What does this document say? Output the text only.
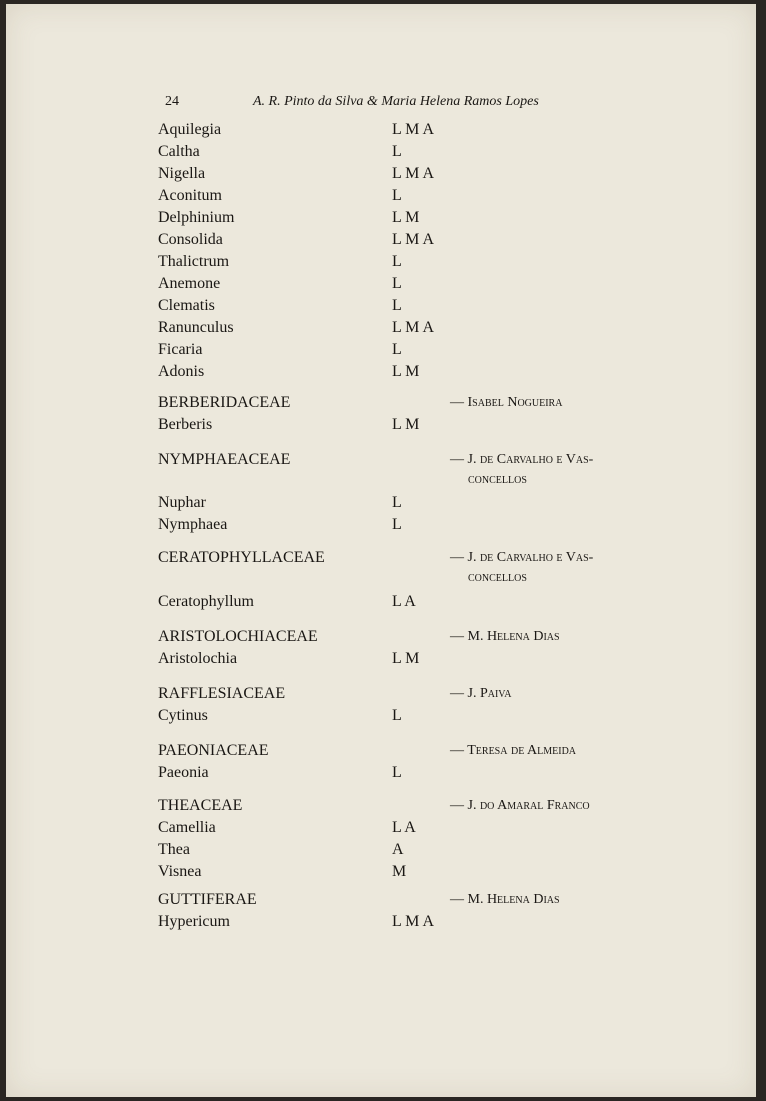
24	A. R. Pinto da Silva & Maria Helena Ramos Lopes
Aquilegia	L M A
Caltha	L
Nigella	L M A
Aconitum	L
Delphinium	L M
Consolida	L M A
Thalictrum	L
Anemone	L
Clematis	L
Ranunculus	L M A
Ficaria	L
Adonis	L M
BERBERIDACEAE	— Isabel Nogueira
Berberis	L M
NYMPHAEACEAE	— J. de Carvalho e Vas-
concellos
Nuphar	L
Nymphaea	L
CERATOPHYLLACEAE	— J. de Carvalho e Vas-
concellos
Ceratophyllum	L A
ARISTOLOCHIACEAE	— M. Helena Dias
Aristolochia	L M
RAFFLESIACEAE	— J. Paiva
Cytinus	L
PAEONIACEAE	— Teresa de Almeida
Paeonia	L
THEACEAE	— J. do Amaral Franco
Camellia	L A
Thea	A
Visnea	M
GUTTIFERAE	— M. Helena Dias
Hypericum	L M A
